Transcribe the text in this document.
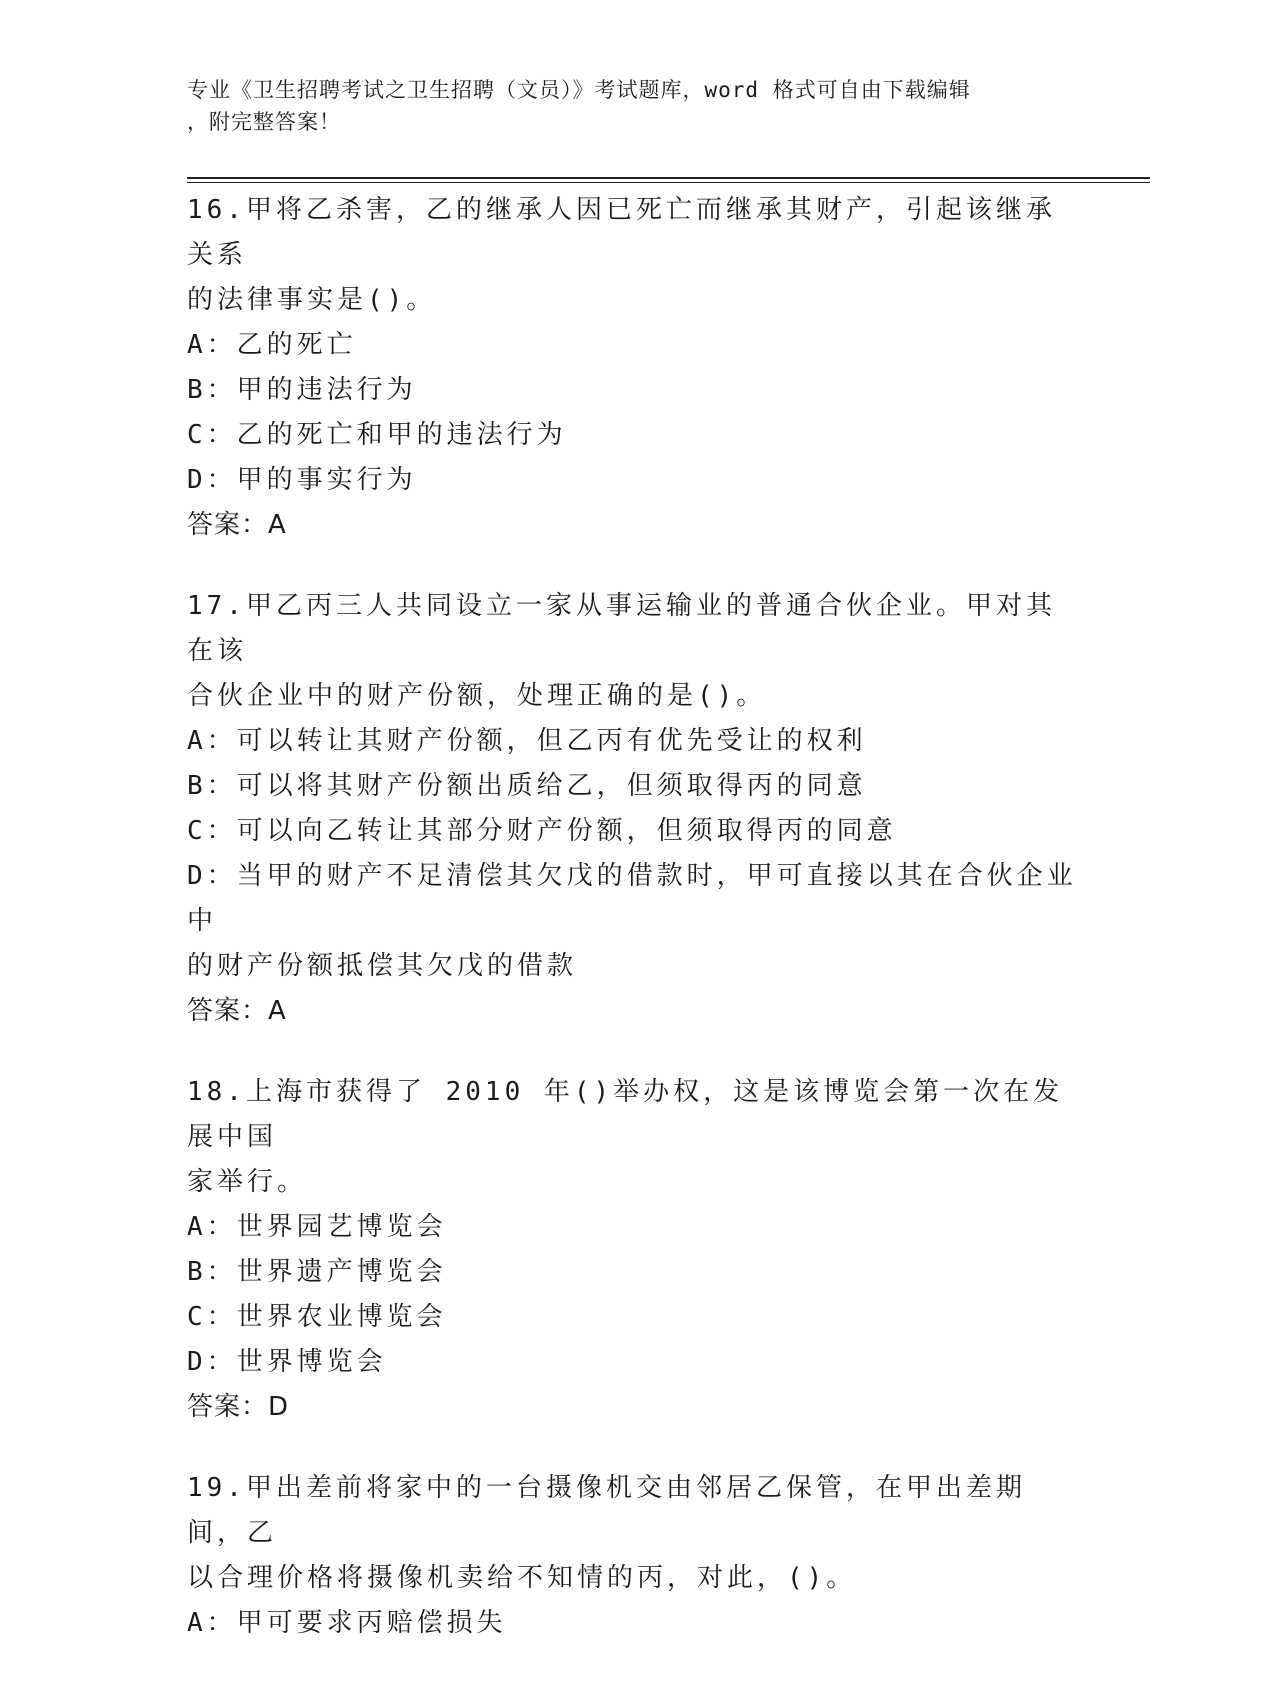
专业《卫生招聘考试之卫生招聘（文员）》考试题库，word 格式可自由下载编辑
，附完整答案！
16.甲将乙杀害，乙的继承人因已死亡而继承其财产，引起该继承关系
的法律事实是()。
A：乙的死亡
B：甲的违法行为
C：乙的死亡和甲的违法行为
D：甲的事实行为
答案：A
17.甲乙丙三人共同设立一家从事运输业的普通合伙企业。甲对其在该
合伙企业中的财产份额，处理正确的是()。
A：可以转让其财产份额，但乙丙有优先受让的权利
B：可以将其财产份额出质给乙，但须取得丙的同意
C：可以向乙转让其部分财产份额，但须取得丙的同意
D：当甲的财产不足清偿其欠戊的借款时，甲可直接以其在合伙企业中
的财产份额抵偿其欠戊的借款
答案：A
18.上海市获得了 2010 年()举办权，这是该博览会第一次在发展中国
家举行。
A：世界园艺博览会
B：世界遗产博览会
C：世界农业博览会
D：世界博览会
答案：D
19.甲出差前将家中的一台摄像机交由邻居乙保管，在甲出差期间，乙
以合理价格将摄像机卖给不知情的丙，对此，()。
A：甲可要求丙赔偿损失
